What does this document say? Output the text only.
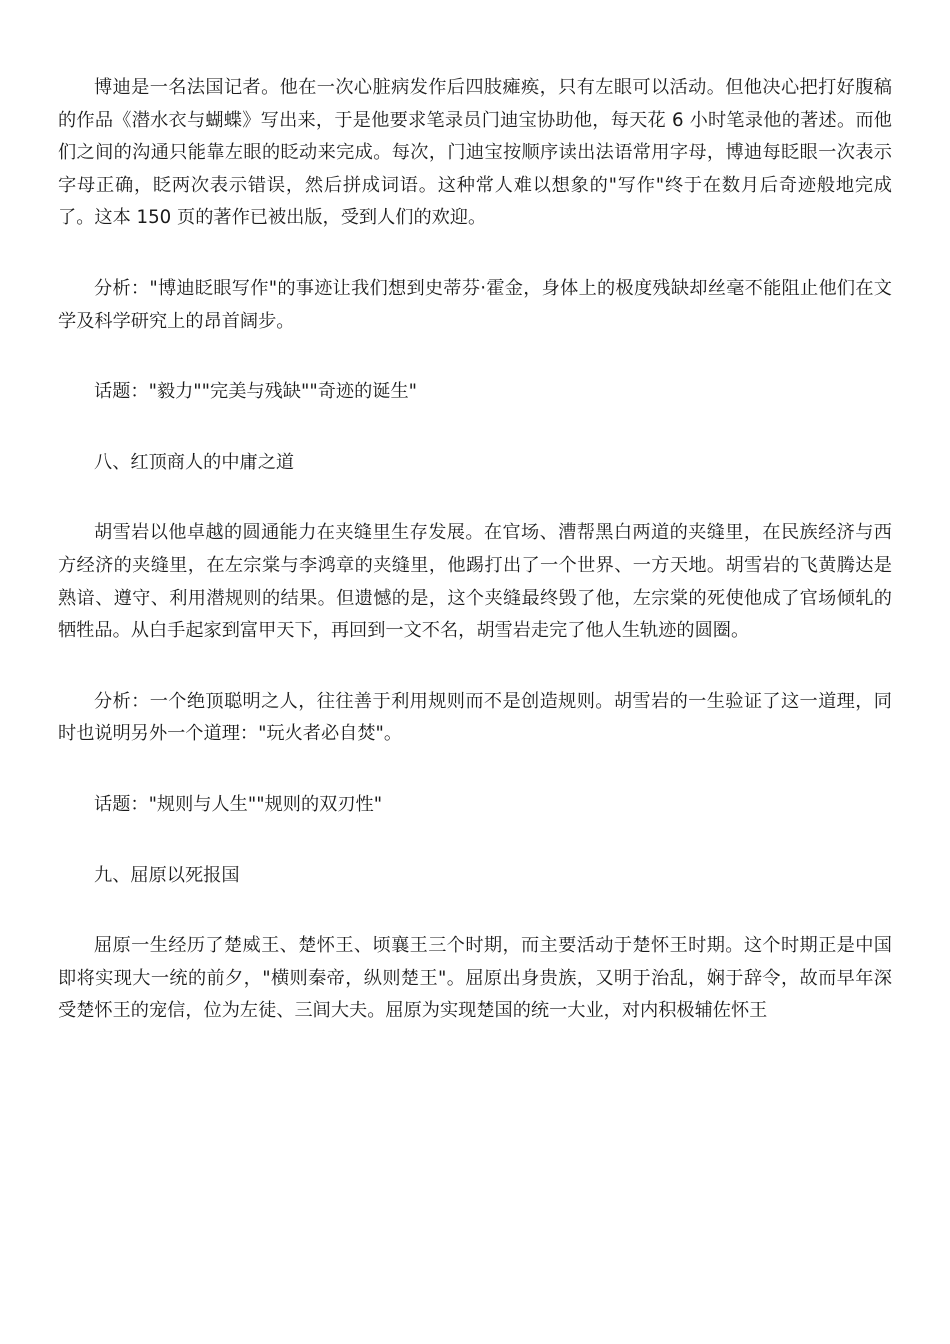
博迪是一名法国记者。他在一次心脏病发作后四肢瘫痪，只有左眼可以活动。但他决心把打好腹稿的作品《潜水衣与蝴蝶》写出来，于是他要求笔录员门迪宝协助他，每天花 6 小时笔录他的著述。而他们之间的沟通只能靠左眼的眨动来完成。每次，门迪宝按顺序读出法语常用字母，博迪每眨眼一次表示字母正确，眨两次表示错误，然后拼成词语。这种常人难以想象的"写作"终于在数月后奇迹般地完成了。这本 150 页的著作已被出版，受到人们的欢迎。

分析："博迪眨眼写作"的事迹让我们想到史蒂芬·霍金，身体上的极度残缺却丝毫不能阻止他们在文学及科学研究上的昂首阔步。

话题："毅力""完美与残缺""奇迹的诞生"

八、红顶商人的中庸之道

胡雪岩以他卓越的圆通能力在夹缝里生存发展。在官场、漕帮黑白两道的夹缝里，在民族经济与西方经济的夹缝里，在左宗棠与李鸿章的夹缝里，他踢打出了一个世界、一方天地。胡雪岩的飞黄腾达是熟谙、遵守、利用潜规则的结果。但遗憾的是，这个夹缝最终毁了他，左宗棠的死使他成了官场倾轧的牺牲品。从白手起家到富甲天下，再回到一文不名，胡雪岩走完了他人生轨迹的圆圈。

分析：一个绝顶聪明之人，往往善于利用规则而不是创造规则。胡雪岩的一生验证了这一道理，同时也说明另外一个道理："玩火者必自焚"。

话题："规则与人生""规则的双刃性"

九、屈原以死报国

屈原一生经历了楚威王、楚怀王、顷襄王三个时期，而主要活动于楚怀王时期。这个时期正是中国即将实现大一统的前夕，"横则秦帝，纵则楚王"。屈原出身贵族，又明于治乱，娴于辞令，故而早年深受楚怀王的宠信，位为左徒、三闾大夫。屈原为实现楚国的统一大业，对内积极辅佐怀王
